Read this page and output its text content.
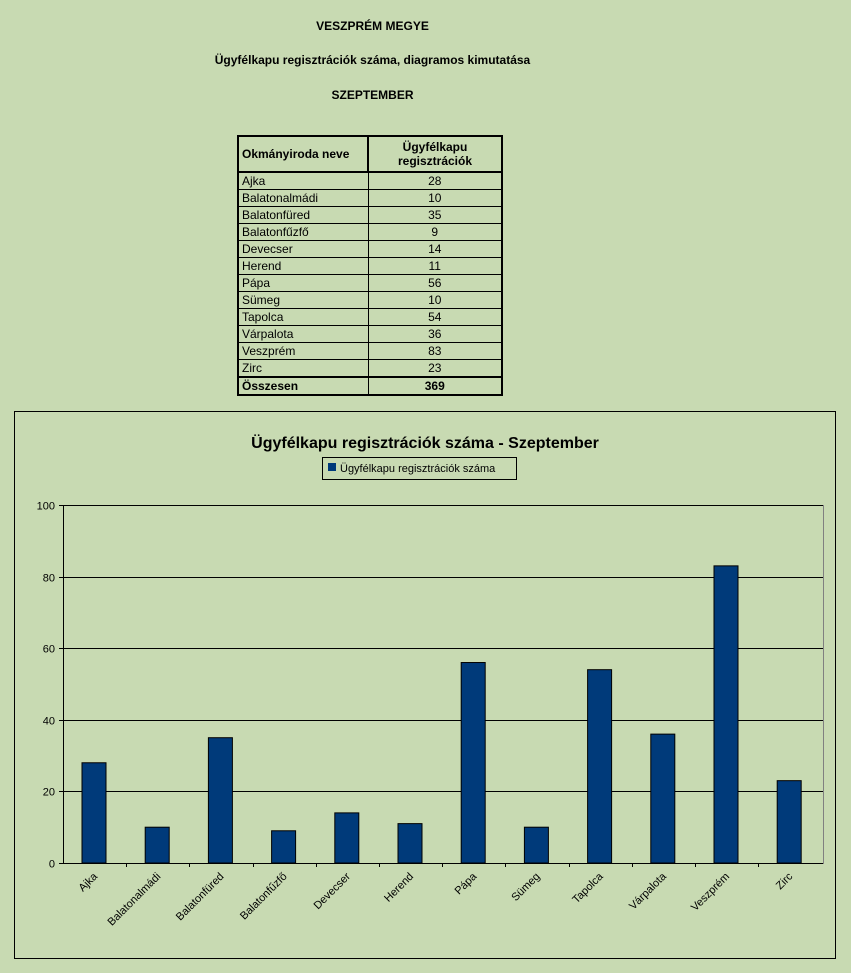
VESZPRÉM MEGYE
Ügyfélkapu regisztrációk száma, diagramos kimutatása
SZEPTEMBER
Okmányiroda neve	Ügyfélkapu
regisztrációk
Ajka	28
Balatonalmádi	10
Balatonfüred	35
Balatonfűzfő	9
Devecser	14
Herend	11
Pápa	56
Sümeg	10
Tapolca	54
Várpalota	36
Veszprém	83
Zirc	23
Összesen	369
Ügyfélkapu regisztrációk száma - Szeptember
Ügyfélkapu regisztrációk száma
0
20
40
60
80
100
Ajka Balatonalmádi Balatonfüred Balatonfűzfő Devecser	Herend	Pápa	Sümeg	Tapolca Várpalota Veszprém	Zirc
